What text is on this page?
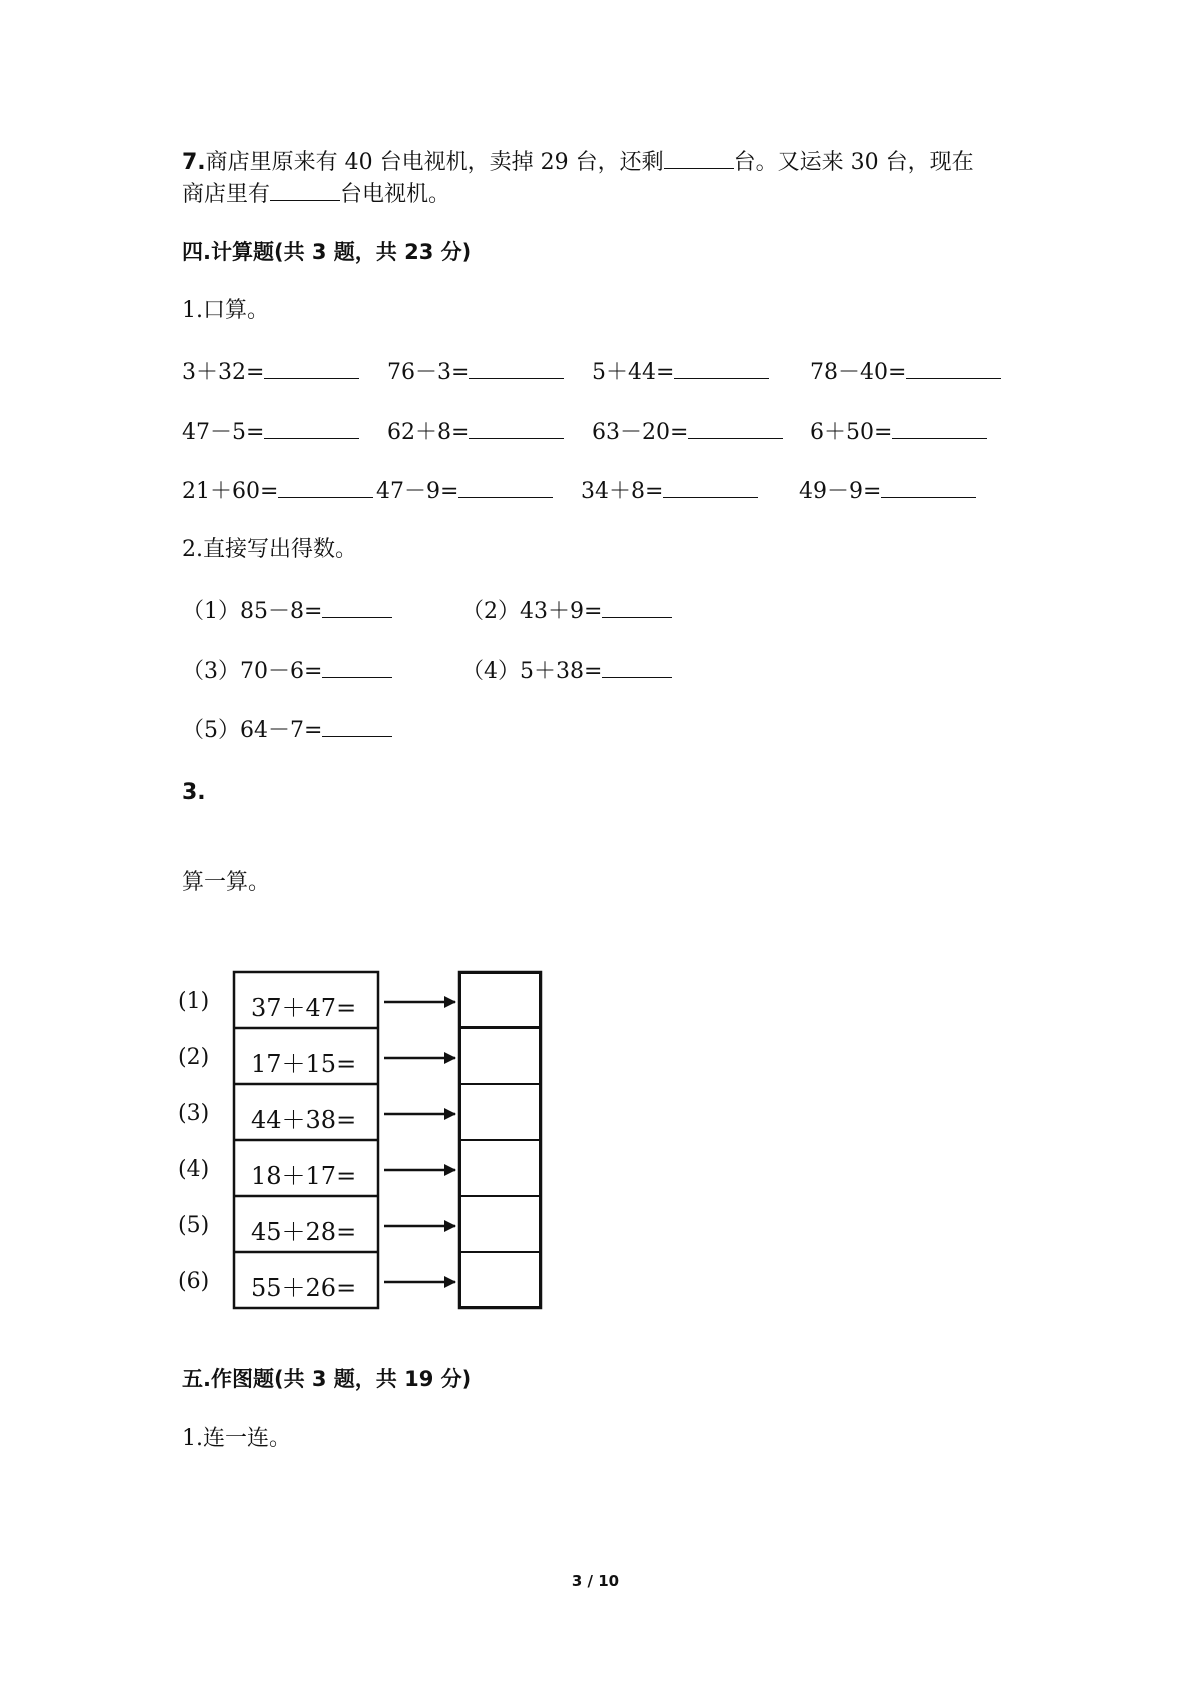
7.商店里原来有 40 台电视机，卖掉 29 台，还剩	台。又运来 30 台，现在
商店里有	台电视机。
四.计算题(共 3 题，共 23 分)
1.口算。
3＋32=	76－3=	5＋44=	78－40=
47－5=	62＋8=	63－20=	6＋50=
21＋60=	47－9=	34＋8=	49－9=
2.直接写出得数。
（1）85－8=	（2）43＋9=
（3）70－6=	（4）5＋38=
（5）64－7=
3.
算一算。
(1) 37＋47=
(2) 17＋15=
(3) 44＋38=
(4) 18＋17=
(5) 45＋28=
(6) 55＋26=
五.作图题(共 3 题，共 19 分)
1.连一连。
3 / 10
